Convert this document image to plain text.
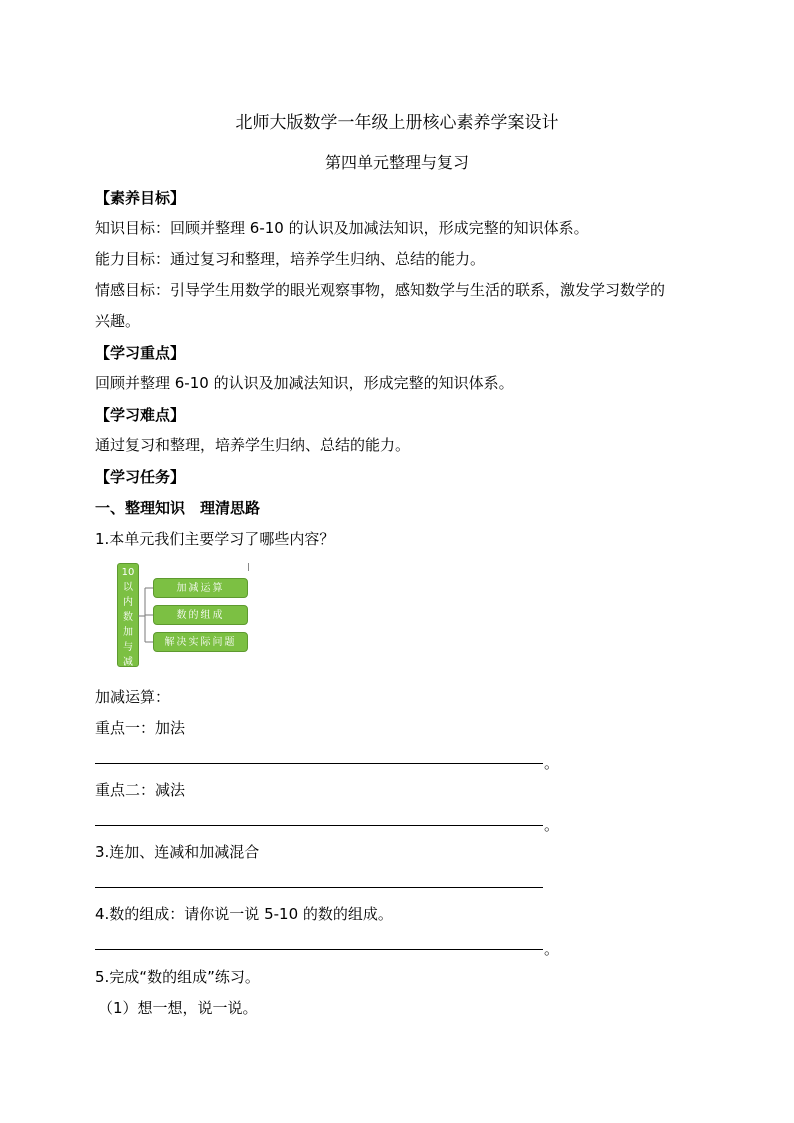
北师大版数学一年级上册核心素养学案设计
第四单元整理与复习
【素养目标】
知识目标：回顾并整理 6-10 的认识及加减法知识，形成完整的知识体系。
能力目标：通过复习和整理，培养学生归纳、总结的能力。
情感目标：引导学生用数学的眼光观察事物，感知数学与生活的联系，激发学习数学的
兴趣。
【学习重点】
回顾并整理 6-10 的认识及加减法知识，形成完整的知识体系。
【学习难点】
通过复习和整理，培养学生归纳、总结的能力。
【学习任务】
一、整理知识　理清思路
1.本单元我们主要学习了哪些内容？
10
以
内
数
加
与
减
加减运算
数的组成
解决实际问题
加减运算：
重点一：加法
。
重点二：减法
。
3.连加、连减和加减混合
4.数的组成：请你说一说 5-10 的数的组成。
。
5.完成“数的组成”练习。
（1）想一想，说一说。
